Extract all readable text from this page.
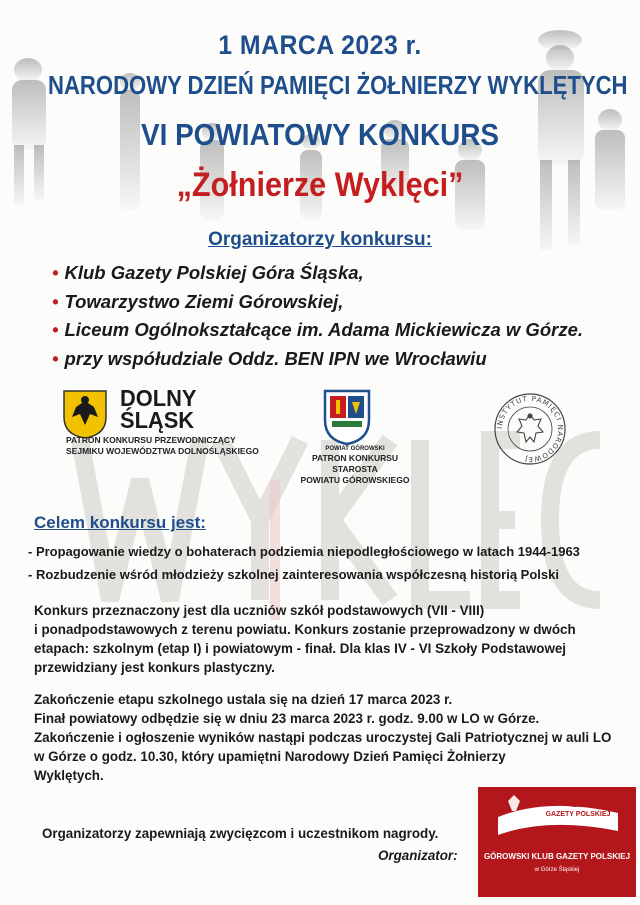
1 MARCA 2023 r.
NARODOWY DZIEŃ PAMIĘCI ŻOŁNIERZY WYKLĘTYCH
VI POWIATOWY KONKURS
„Żołnierze Wyklęci”
Organizatorzy konkursu:
• Klub Gazety Polskiej Góra Śląska,
• Towarzystwo Ziemi Górowskiej,
• Liceum Ogólnokształcące im. Adama Mickiewicza w Górze.
• przy współudziale Oddz. BEN IPN we Wrocławiu
DOLNY
ŚLĄSK
PATRON KONKURSU PRZEWODNICZĄCY
SEJMIKU WOJEWÓDZTWA DOLNOŚLĄSKIEGO	POWIAT GÓROWSKI
PATRON KONKURSU
STAROSTA
POWIATU GÓROWSKIEGO
INSTYTUT PAMIĘCI NARODOWEJ
Celem konkursu jest:
- Propagowanie wiedzy o bohaterach podziemia niepodległościowego w latach 1944-1963
- Rozbudzenie wśród młodzieży szkolnej zainteresowania współczesną historią Polski
Konkurs przeznaczony jest dla uczniów szkół podstawowych (VII - VIII)
i ponadpodstawowych z terenu powiatu. Konkurs zostanie przeprowadzony w dwóch
etapach: szkolnym (etap I) i powiatowym - finał. Dla klas IV - VI Szkoły Podstawowej
przewidziany jest konkurs plastyczny.
Zakończenie etapu szkolnego ustala się na dzień 17 marca 2023 r.
Finał powiatowy odbędzie się w dniu 23 marca 2023 r. godz. 9.00 w LO w Górze.
Zakończenie i ogłoszenie wyników nastąpi podczas uroczystej Gali Patriotycznej w auli LO
w Górze o godz. 10.30, który upamiętni Narodowy Dzień Pamięci Żołnierzy
Wyklętych.
Organizatorzy zapewniają zwycięzcom i uczestnikom nagrody.
Organizator:
KLUBY
GAZETY POLSKIEJ
GÓROWSKI KLUB GAZETY POLSKIEJ
w Górze Śląskiej
